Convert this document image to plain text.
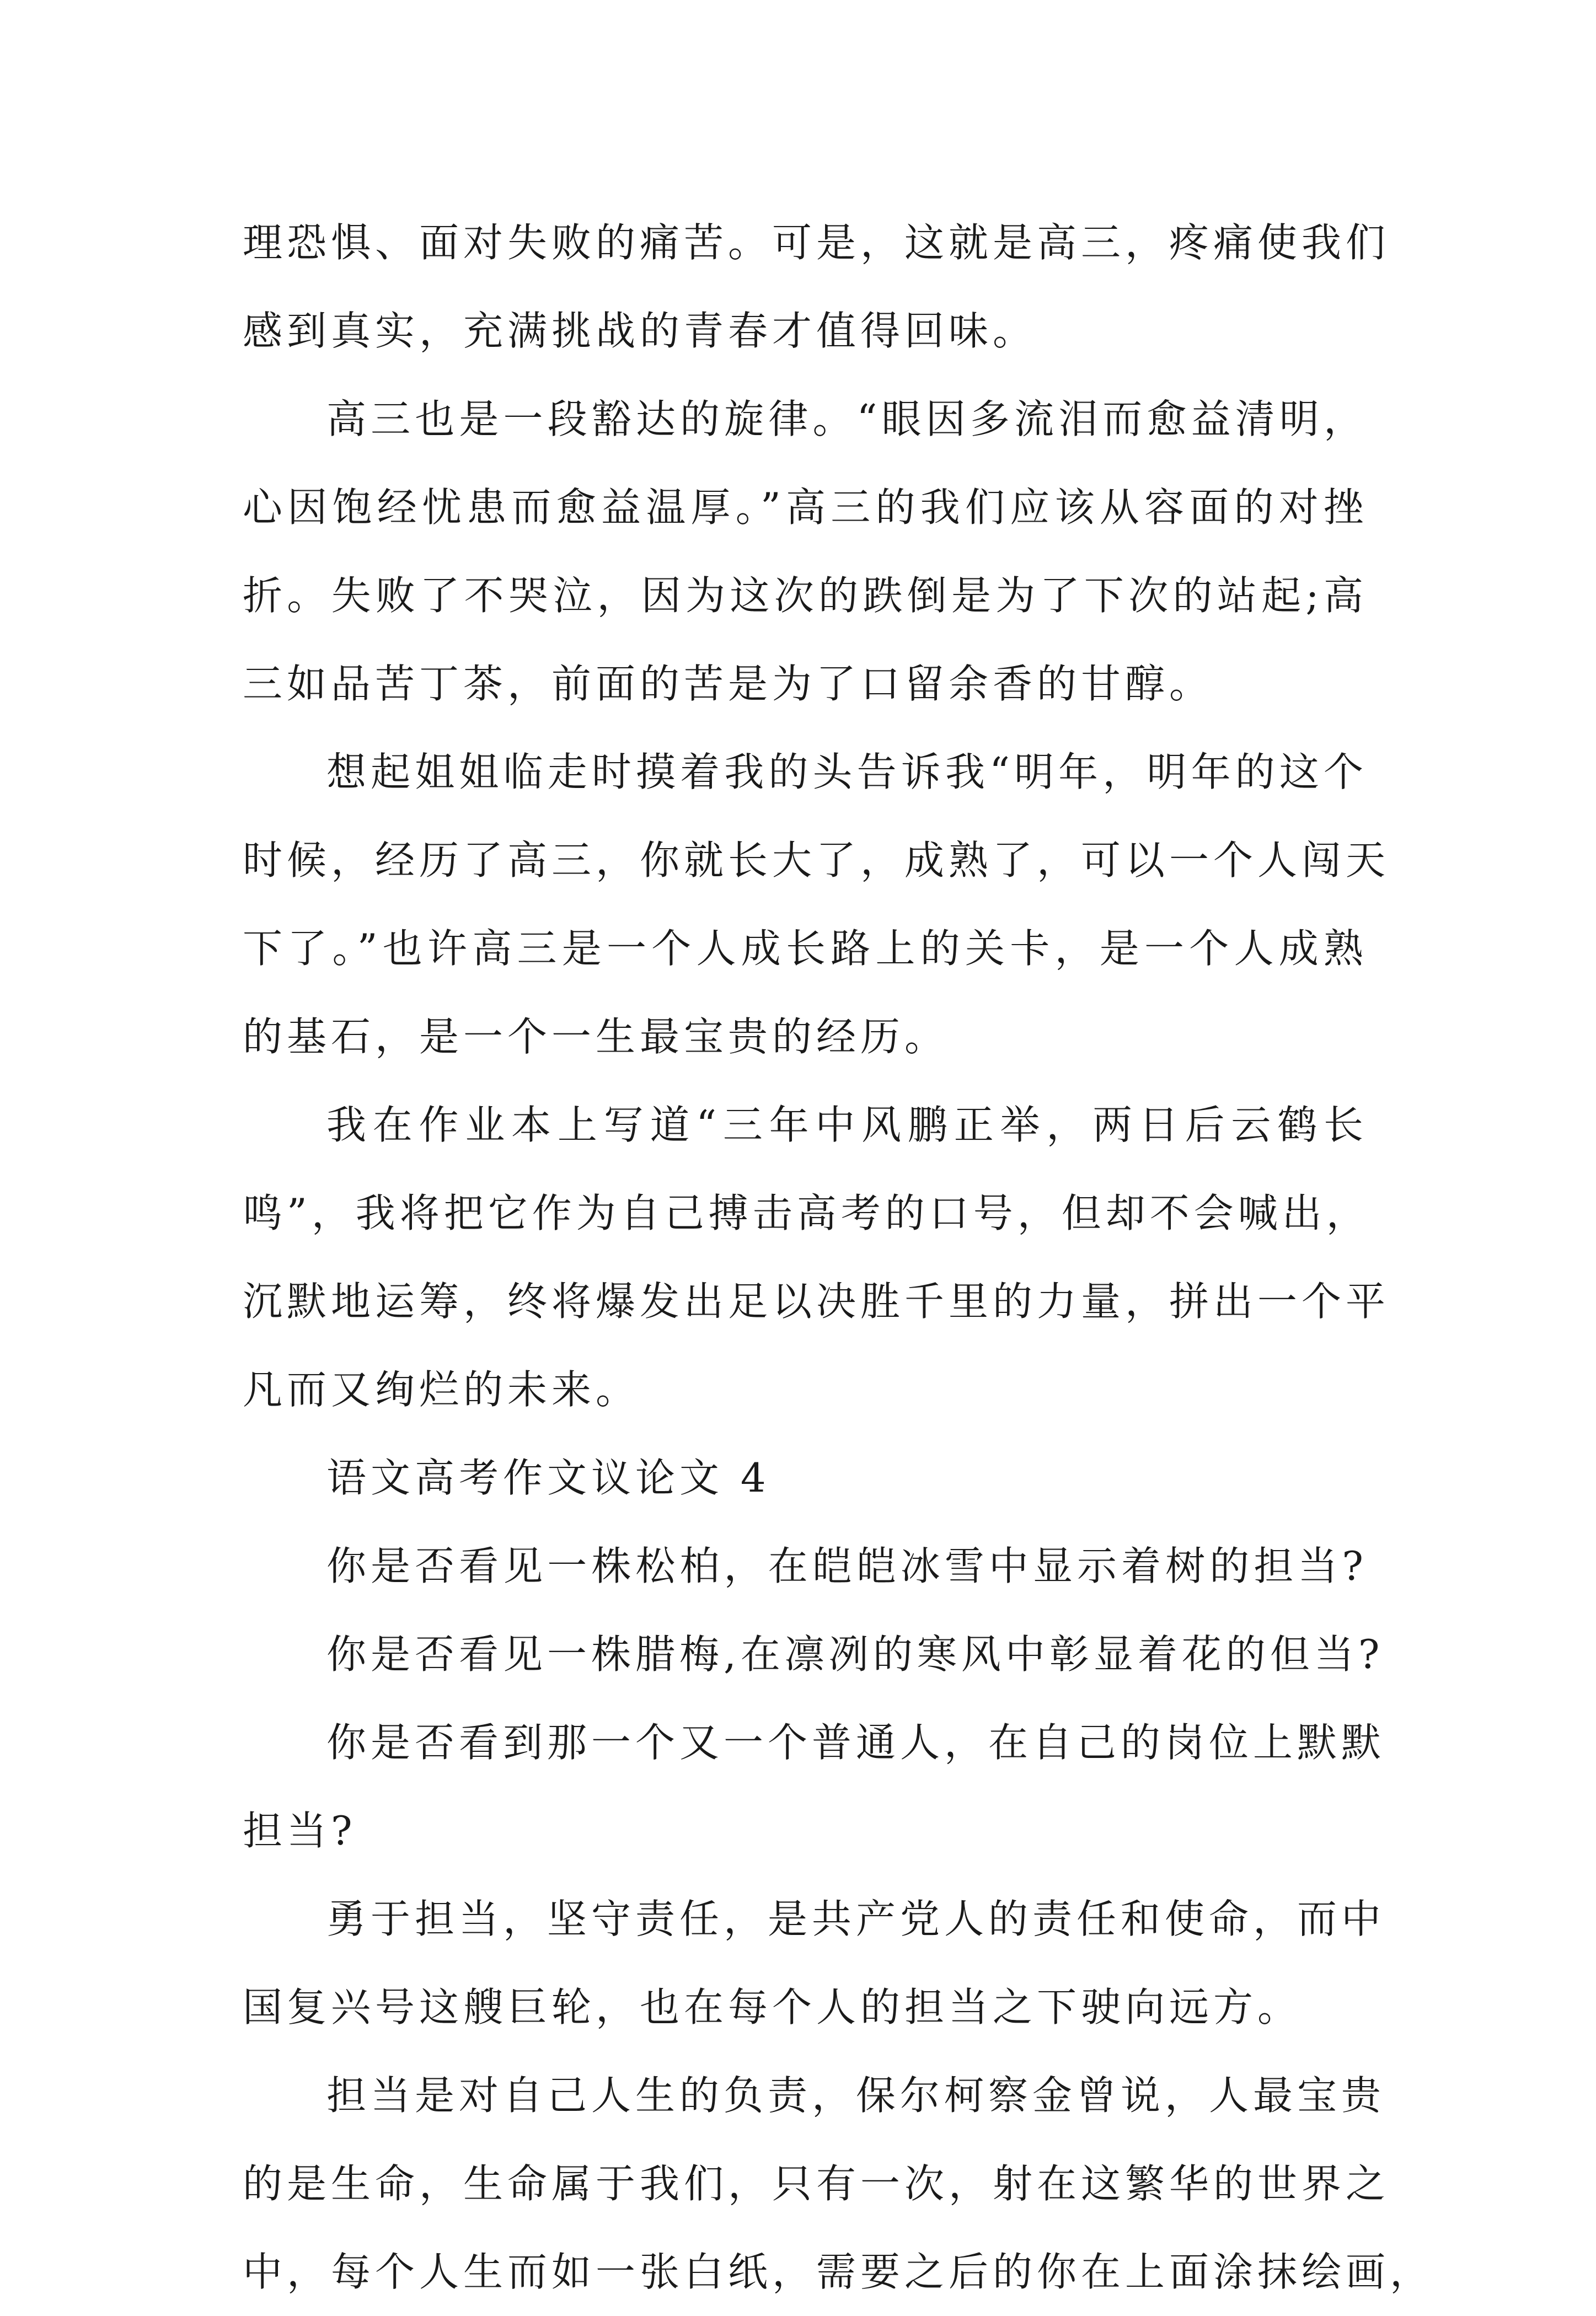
理恐惧、面对失败的痛苦。可是，这就是高三，疼痛使我们
感到真实，充满挑战的青春才值得回味。
高三也是一段豁达的旋律。“眼因多流泪而愈益清明，
心因饱经忧患而愈益温厚。”高三的我们应该从容面的对挫
折。失败了不哭泣，因为这次的跌倒是为了下次的站起;高
三如品苦丁茶，前面的苦是为了口留余香的甘醇。
想起姐姐临走时摸着我的头告诉我“明年，明年的这个
时候，经历了高三，你就长大了，成熟了，可以一个人闯天
下了。”也许高三是一个人成长路上的关卡，是一个人成熟
的基石，是一个一生最宝贵的经历。
我在作业本上写道“三年中风鹏正举，两日后云鹤长
鸣”，我将把它作为自己搏击高考的口号，但却不会喊出，
沉默地运筹，终将爆发出足以决胜千里的力量，拼出一个平
凡而又绚烂的未来。
语文高考作文议论文 4
你是否看见一株松柏，在皑皑冰雪中显示着树的担当?
你是否看见一株腊梅,在凛冽的寒风中彰显着花的但当?
你是否看到那一个又一个普通人，在自己的岗位上默默
担当?
勇于担当，坚守责任，是共产党人的责任和使命，而中
国复兴号这艘巨轮，也在每个人的担当之下驶向远方。
担当是对自己人生的负责，保尔柯察金曾说，人最宝贵
的是生命，生命属于我们，只有一次，射在这繁华的世界之
中，每个人生而如一张白纸，需要之后的你在上面涂抹绘画，
